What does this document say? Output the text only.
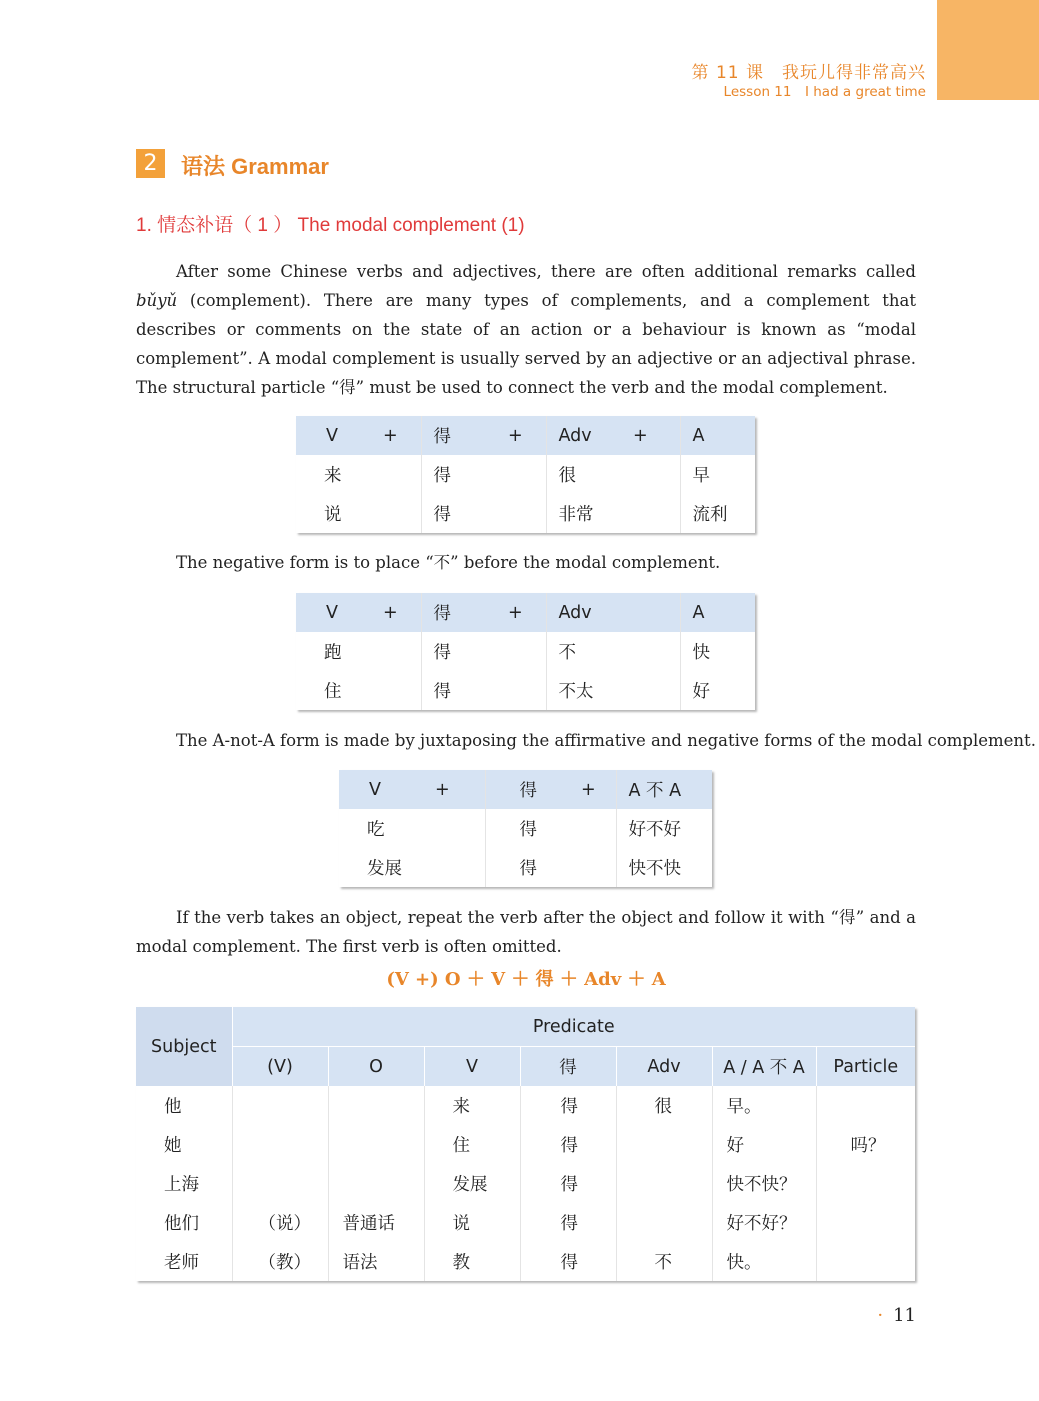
第 11 课　我玩儿得非常高兴
Lesson 11　I had a great time
2	语法 Grammar
1. 情态补语（ 1 ） The modal complement (1)
After some Chinese verbs and adjectives, there are often additional remarks called bǔyǔ (complement). There are many types of complements, and a complement that describes or comments on the state of an action or a behaviour is known as “modal complement”. A modal complement is usually served by an adjective or an adjectival phrase. The structural particle “得” must be used to connect the verb and the modal complement.
V	+	得	+	Adv	+	A
来		得		很		早
说		得		非常		流利
The negative form is to place “不” before the modal complement.
V	+	得	+	Adv		A
跑		得		不		快
住		得		不太		好
The A-not-A form is made by juxtaposing the affirmative and negative forms of the modal complement.
V	+	得	+	A 不 A
吃		得		好不好
发展		得		快不快
If the verb takes an object, repeat the verb after the object and follow it with “得” and a modal complement. The first verb is often omitted.
(V +) O ＋ V ＋ 得 ＋ Adv ＋ A
Subject	Predicate						
	(V)	O	V	得	Adv	A / A 不 A	Particle
他			来	得	很	早。	
她			住	得		好	吗？
上海			发展	得		快不快？	
他们	（说）	普通话	说	得		好不好？	
老师	（教）	语法	教	得	不	快。	
· 11
